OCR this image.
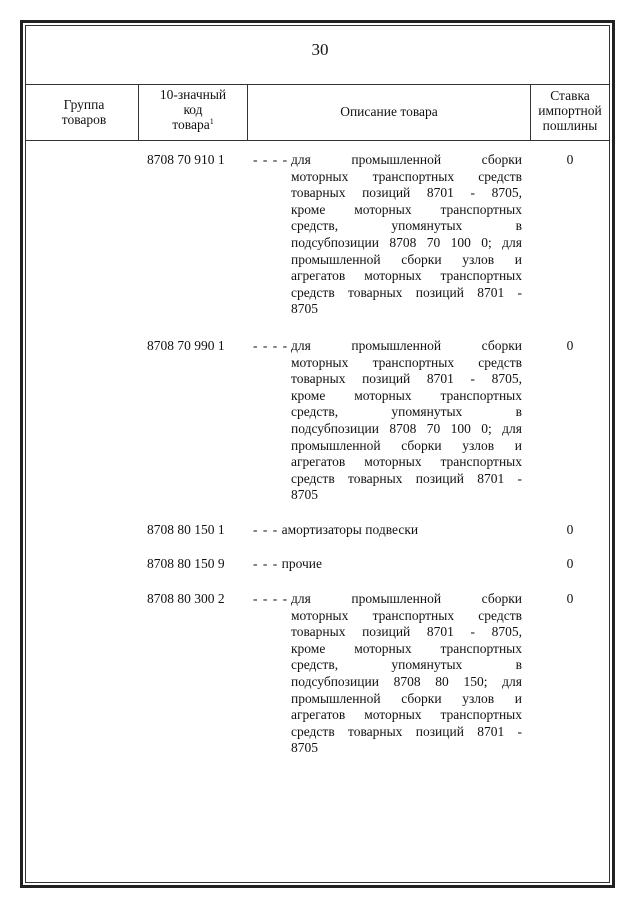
30
Группа
товаров
10-значный
код
товара$^1$
Описание товара
Ставка
импортной
пошлины
8708 70 910 1 - - - - для промышленной сборки
моторных транспортных средств
товарных позиций 8701 - 8705,
кроме моторных транспортных
средств, упомянутых в
подсубпозиции 8708 70 100 0; для
промышленной сборки узлов и
агрегатов моторных транспортных
средств товарных позиций 8701 -
8705
0
8708 70 990 1 - - - - для промышленной сборки
моторных транспортных средств
товарных позиций 8701 - 8705,
кроме моторных транспортных
средств, упомянутых в
подсубпозиции 8708 70 100 0; для
промышленной сборки узлов и
агрегатов моторных транспортных
средств товарных позиций 8701 -
8705
0
8708 80 150 1 - - - амортизаторы подвески	0
8708 80 150 9 - - - прочие	0
8708 80 300 2 - - - - для промышленной сборки
моторных транспортных средств
товарных позиций 8701 - 8705,
кроме моторных транспортных
средств, упомянутых в
подсубпозиции 8708 80 150; для
промышленной сборки узлов и
агрегатов моторных транспортных
средств товарных позиций 8701 -
8705
0
